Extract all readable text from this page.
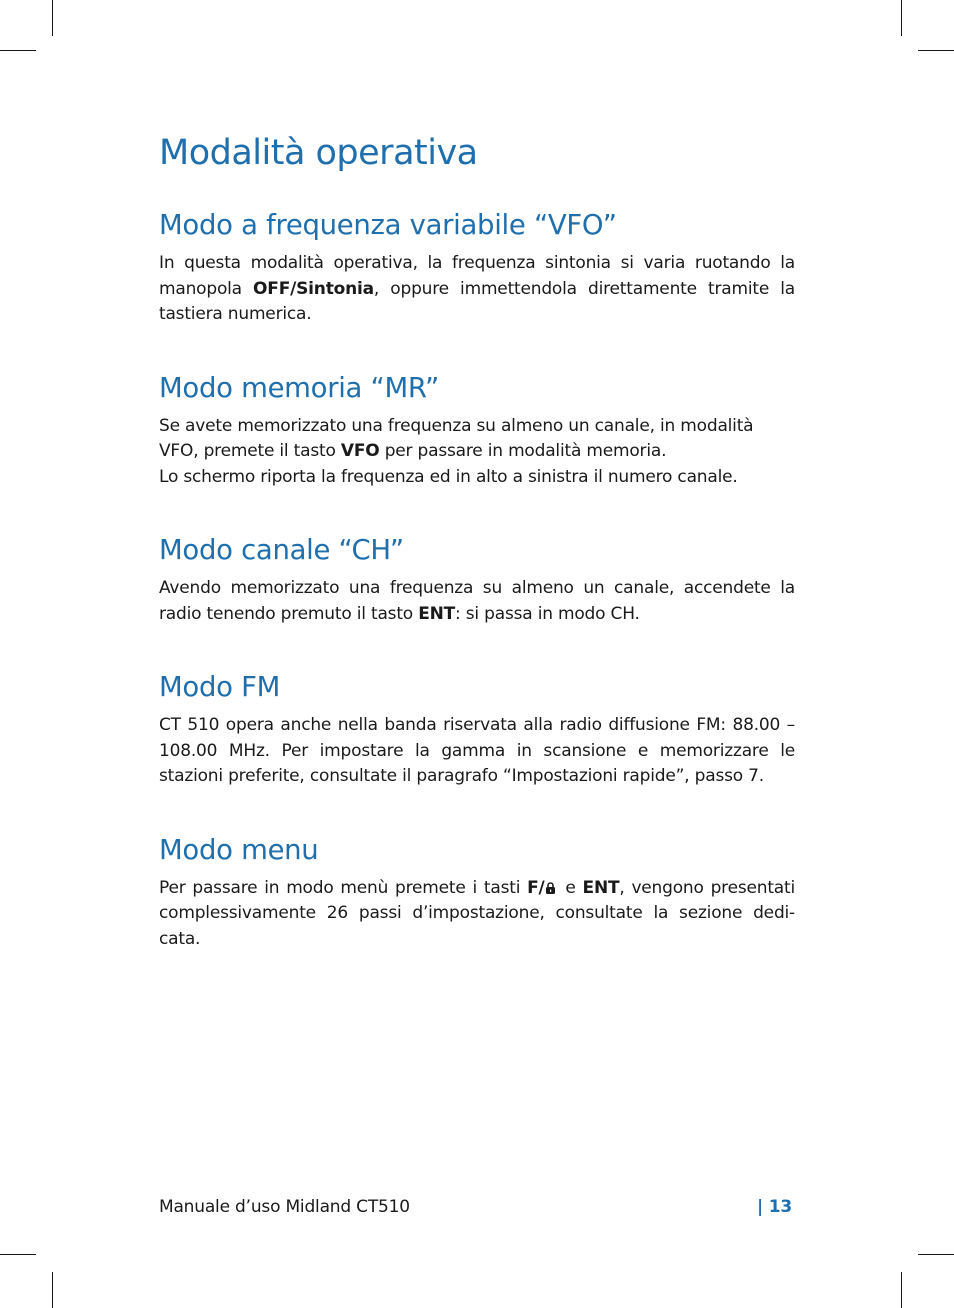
Modalità operativa
Modo a frequenza variabile “VFO”

In questa modalità operativa, la frequenza sintonia si varia ruotando la manopola OFF/Sintonia, oppure immettendola direttamente tramite la tastiera numerica.

Modo memoria “MR”

Se avete memorizzato una frequenza su almeno un canale, in modalità VFO, premete il tasto VFO per passare in modalità memoria.

Lo schermo riporta la frequenza ed in alto a sinistra il numero canale.

Modo canale “CH”

Avendo memorizzato una frequenza su almeno un canale, accendete la radio tenendo premuto il tasto ENT: si passa in modo CH.

Modo FM

CT 510 opera anche nella banda riservata alla radio diffusione FM: 88.00 – 108.00 MHz. Per impostare la gamma in scansione e memorizzare le stazioni preferite, consultate il paragrafo “Impostazioni rapide”, passo 7.

Modo menu

Per passare in modo menù premete i tasti F/ e ENT, vengono presentati complessivamente 26 passi d’impostazione, consultate la sezione dedi-cata.

Manuale d’uso Midland CT510	| 13
